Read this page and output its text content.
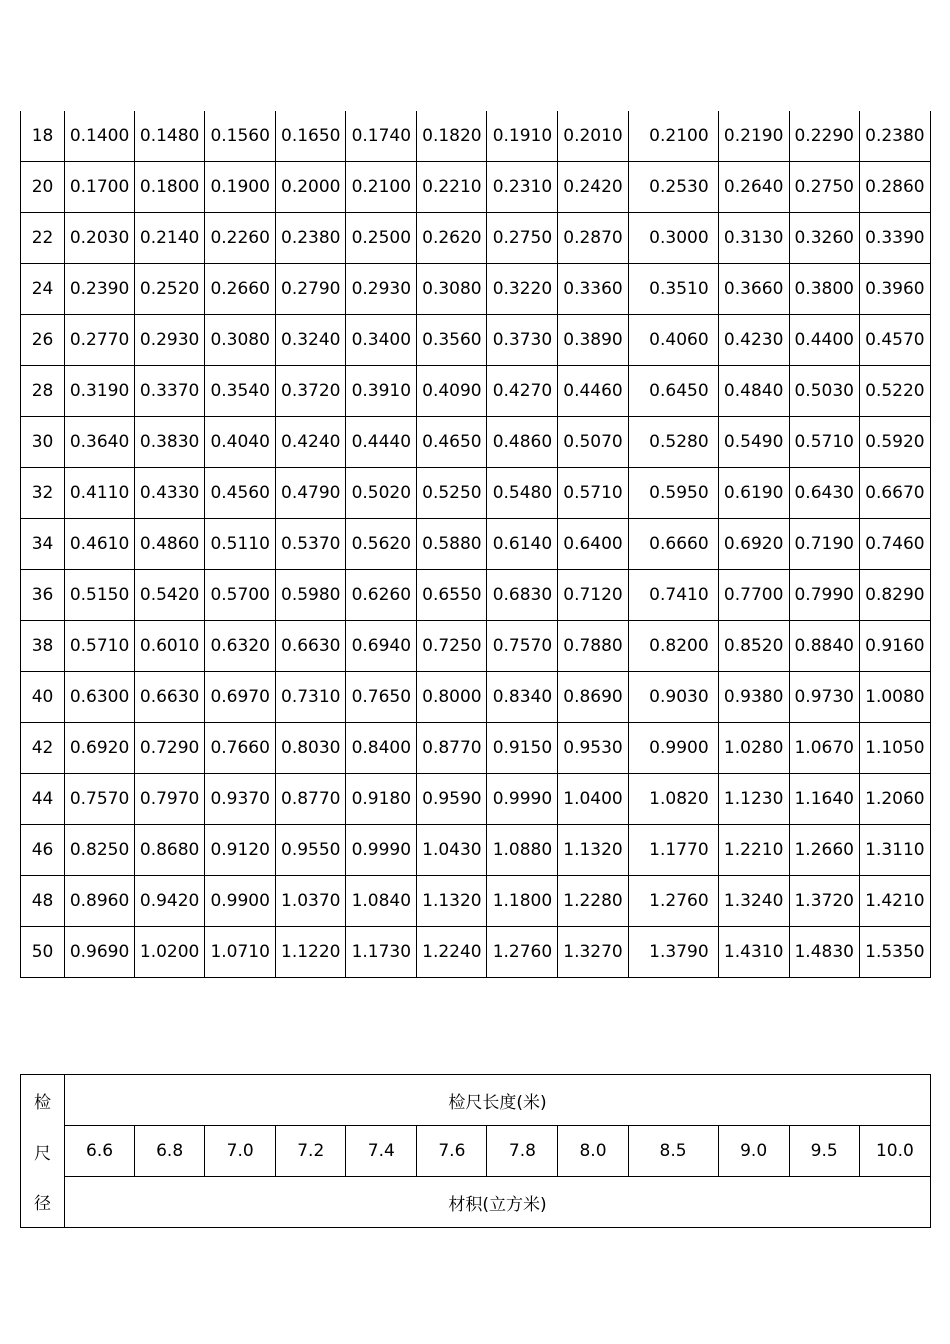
18	0.1400	0.1480	0.1560	0.1650	0.1740	0.1820	0.1910	0.2010	0.2100	0.2190	0.2290	0.2380
20	0.1700	0.1800	0.1900	0.2000	0.2100	0.2210	0.2310	0.2420	0.2530	0.2640	0.2750	0.2860
22	0.2030	0.2140	0.2260	0.2380	0.2500	0.2620	0.2750	0.2870	0.3000	0.3130	0.3260	0.3390
24	0.2390	0.2520	0.2660	0.2790	0.2930	0.3080	0.3220	0.3360	0.3510	0.3660	0.3800	0.3960
26	0.2770	0.2930	0.3080	0.3240	0.3400	0.3560	0.3730	0.3890	0.4060	0.4230	0.4400	0.4570
28	0.3190	0.3370	0.3540	0.3720	0.3910	0.4090	0.4270	0.4460	0.6450	0.4840	0.5030	0.5220
30	0.3640	0.3830	0.4040	0.4240	0.4440	0.4650	0.4860	0.5070	0.5280	0.5490	0.5710	0.5920
32	0.4110	0.4330	0.4560	0.4790	0.5020	0.5250	0.5480	0.5710	0.5950	0.6190	0.6430	0.6670
34	0.4610	0.4860	0.5110	0.5370	0.5620	0.5880	0.6140	0.6400	0.6660	0.6920	0.7190	0.7460
36	0.5150	0.5420	0.5700	0.5980	0.6260	0.6550	0.6830	0.7120	0.7410	0.7700	0.7990	0.8290
38	0.5710	0.6010	0.6320	0.6630	0.6940	0.7250	0.7570	0.7880	0.8200	0.8520	0.8840	0.9160
40	0.6300	0.6630	0.6970	0.7310	0.7650	0.8000	0.8340	0.8690	0.9030	0.9380	0.9730	1.0080
42	0.6920	0.7290	0.7660	0.8030	0.8400	0.8770	0.9150	0.9530	0.9900	1.0280	1.0670	1.1050
44	0.7570	0.7970	0.9370	0.8770	0.9180	0.9590	0.9990	1.0400	1.0820	1.1230	1.1640	1.2060
46	0.8250	0.8680	0.9120	0.9550	0.9990	1.0430	1.0880	1.1320	1.1770	1.2210	1.2660	1.3110
48	0.8960	0.9420	0.9900	1.0370	1.0840	1.1320	1.1800	1.2280	1.2760	1.3240	1.3720	1.4210
50	0.9690	1.0200	1.0710	1.1220	1.1730	1.2240	1.2760	1.3270	1.3790	1.4310	1.4830	1.5350
检	检尺长度(米)											
尺	6.6	6.8	7.0	7.2	7.4	7.6	7.8	8.0	8.5	9.0	9.5	10.0
径	材积(立方米)											
